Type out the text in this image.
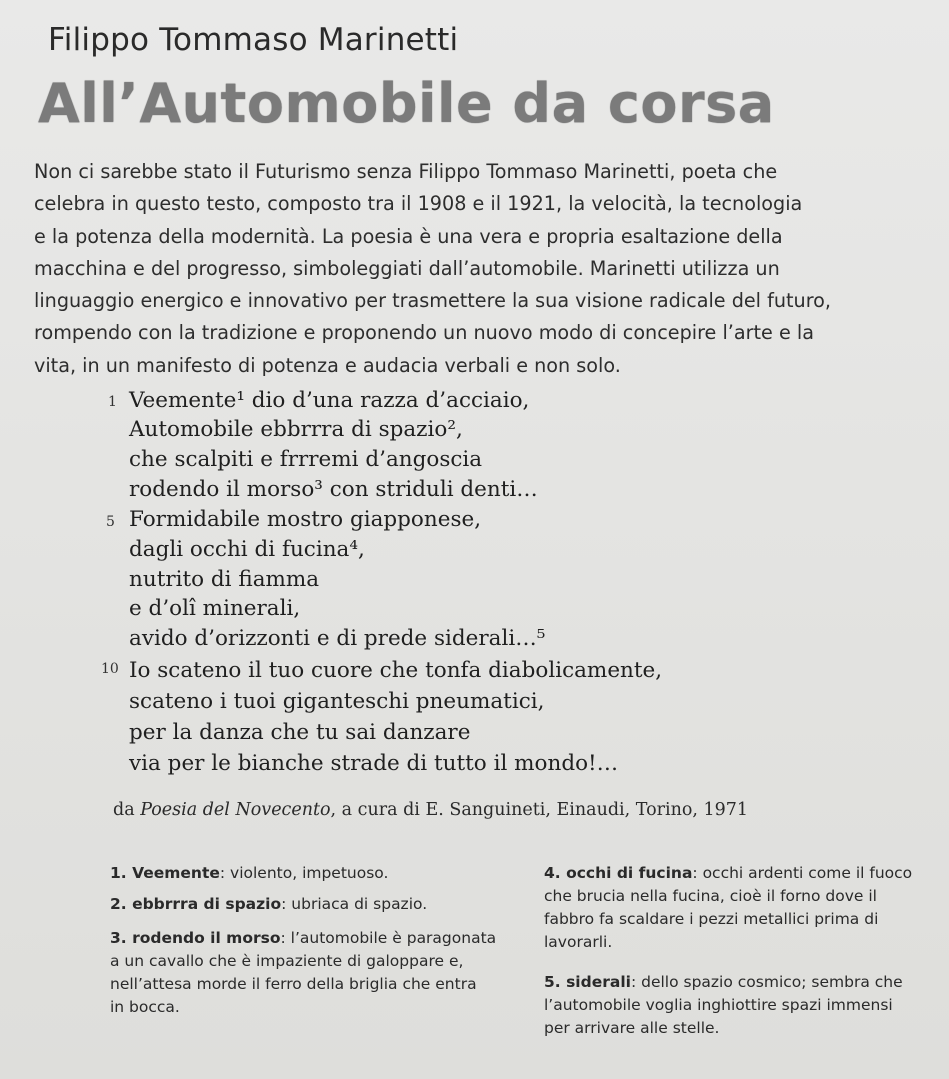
Filippo Tommaso Marinetti
All’Automobile da corsa
Non ci sarebbe stato il Futurismo senza Filippo Tommaso Marinetti, poeta che
celebra in questo testo, composto tra il 1908 e il 1921, la velocità, la tecnologia
e la potenza della modernità. La poesia è una vera e propria esaltazione della
macchina e del progresso, simboleggiati dall’automobile. Marinetti utilizza un
linguaggio energico e innovativo per trasmettere la sua visione radicale del futuro,
rompendo con la tradizione e proponendo un nuovo modo di concepire l’arte e la
vita, in un manifesto di potenza e audacia verbali e non solo.
1
5
10
Veemente¹ dio d’una razza d’acciaio,
Automobile ebbrrra di spazio²,
che scalpiti e frrremi d’angoscia
rodendo il morso³ con striduli denti…
Formidabile mostro giapponese,
dagli occhi di fucina⁴,
nutrito di fiamma
e d’olî minerali,
avido d’orizzonti e di prede siderali…⁵
Io scateno il tuo cuore che tonfa diabolicamente,
scateno i tuoi giganteschi pneumatici,
per la danza che tu sai danzare
via per le bianche strade di tutto il mondo!…
da Poesia del Novecento, a cura di E. Sanguineti, Einaudi, Torino, 1971
1. Veemente: violento, impetuoso.
2. ebbrrra di spazio: ubriaca di spazio.
3. rodendo il morso: l’automobile è paragonata
a un cavallo che è impaziente di galoppare e,
nell’attesa morde il ferro della briglia che entra
in bocca.
4. occhi di fucina: occhi ardenti come il fuoco
che brucia nella fucina, cioè il forno dove il
fabbro fa scaldare i pezzi metallici prima di
lavorarli.
5. siderali: dello spazio cosmico; sembra che
l’automobile voglia inghiottire spazi immensi
per arrivare alle stelle.
